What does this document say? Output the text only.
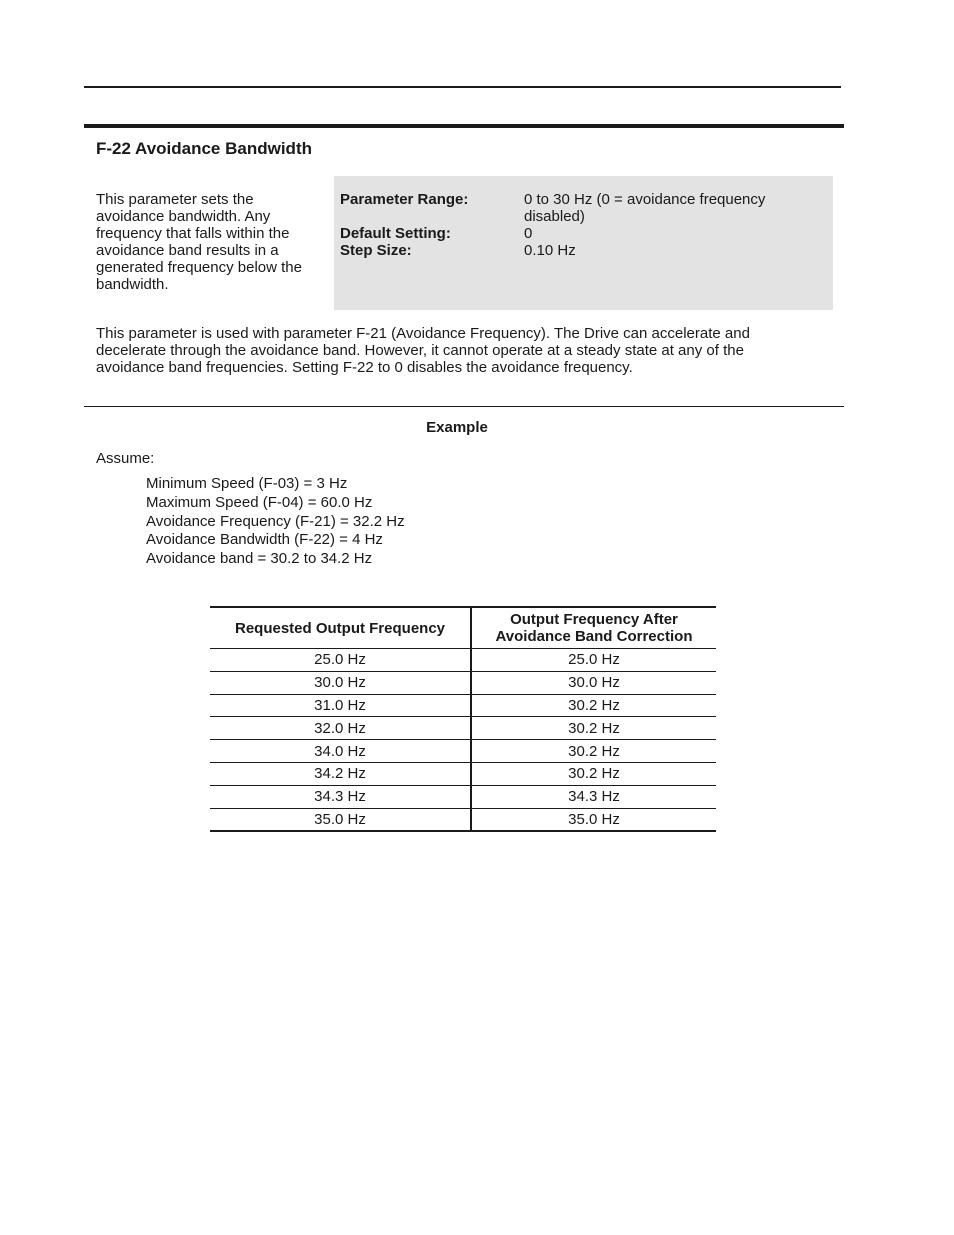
F-22 Avoidance Bandwidth
This parameter sets the avoidance bandwidth. Any frequency that falls within the avoidance band results in a generated frequency below the bandwidth.
Parameter Range:	0 to 30 Hz (0 = avoidance frequency disabled)
Default Setting:	0
Step Size:	0.10 Hz
This parameter is used with parameter F-21 (Avoidance Frequency). The Drive can accelerate and decelerate through the avoidance band. However, it cannot operate at a steady state at any of the avoidance band frequencies. Setting F-22 to 0 disables the avoidance frequency.
Example
Assume:
Minimum Speed (F-03) = 3 Hz
Maximum Speed (F-04) = 60.0 Hz
Avoidance Frequency (F-21) = 32.2 Hz
Avoidance Bandwidth (F-22) = 4 Hz
Avoidance band = 30.2 to 34.2 Hz
Requested Output Frequency	Output Frequency After Avoidance Band Correction
25.0 Hz	25.0 Hz
30.0 Hz	30.0 Hz
31.0 Hz	30.2 Hz
32.0 Hz	30.2 Hz
34.0 Hz	30.2 Hz
34.2 Hz	30.2 Hz
34.3 Hz	34.3 Hz
35.0 Hz	35.0 Hz
